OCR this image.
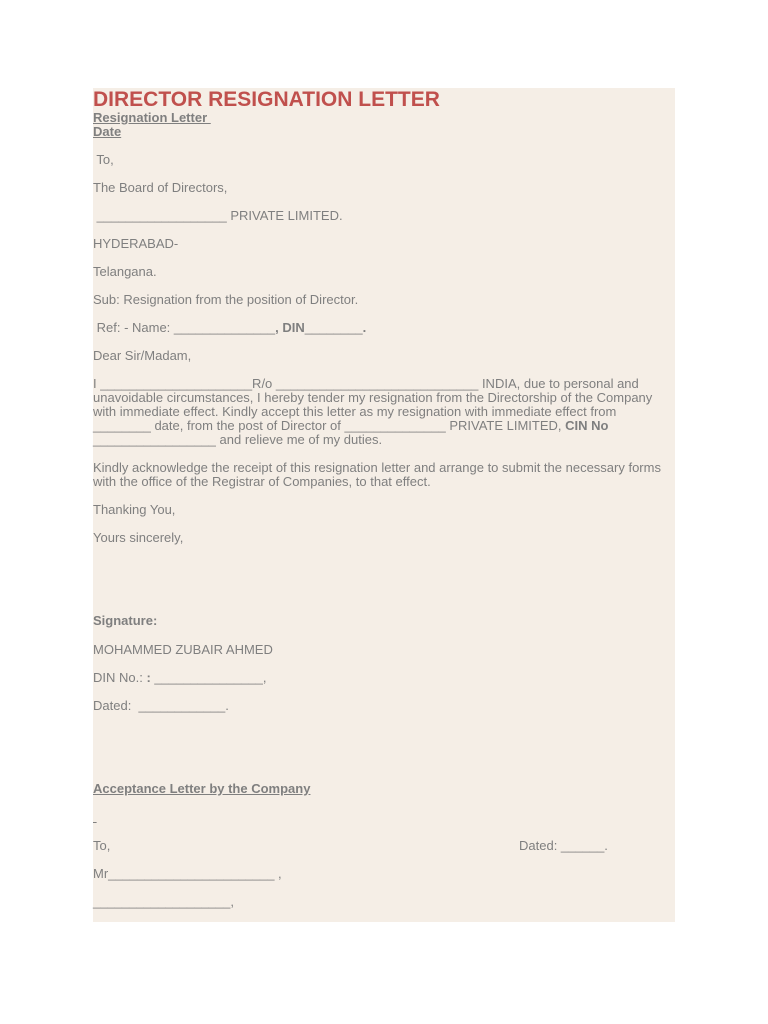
DIRECTOR RESIGNATION LETTER
Resignation Letter
Date
To,
The Board of Directors,
__________________ PRIVATE LIMITED.
HYDERABAD-
Telangana.
Sub: Resignation from the position of Director.
Ref: - Name: ______________, DIN________.
Dear Sir/Madam,
I _____________________R/o ____________________________ INDIA, due to personal and unavoidable circumstances, I hereby tender my resignation from the Directorship of the Company with immediate effect. Kindly accept this letter as my resignation with immediate effect from ________ date, from the post of Director of ______________ PRIVATE LIMITED, CIN No _________________ and relieve me of my duties.
Kindly acknowledge the receipt of this resignation letter and arrange to submit the necessary forms with the office of the Registrar of Companies, to that effect.
Thanking You,
Yours sincerely,
Signature:
MOHAMMED ZUBAIR AHMED
DIN No.: : _______________,
Dated:  ____________.
Acceptance Letter by the Company

To,	Dated: ______.
Mr_______________________ ,
___________________,
